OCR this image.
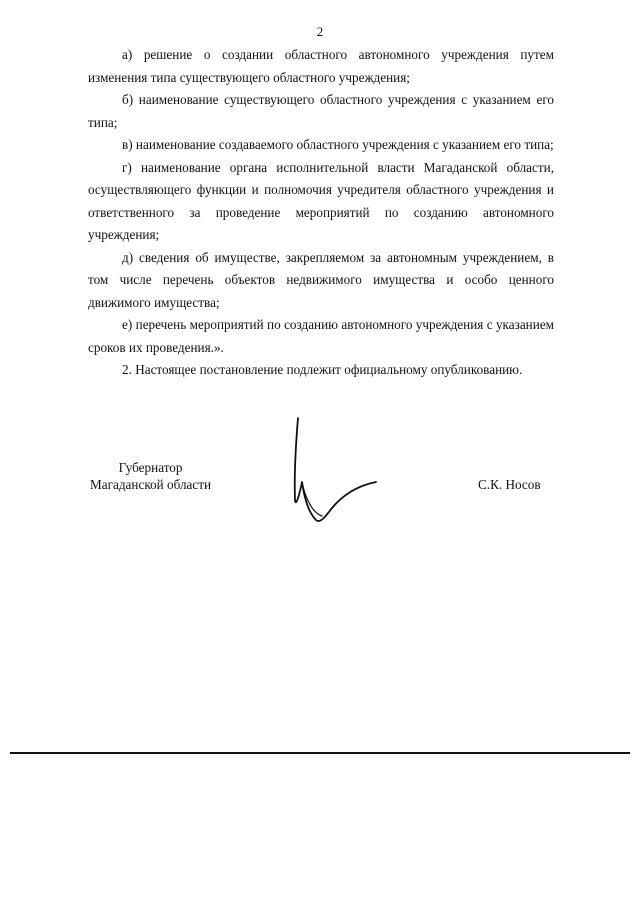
2

а) решение о создании областного автономного учреждения путем изменения типа существующего областного учреждения;

б) наименование существующего областного учреждения с указанием его типа;

в) наименование создаваемого областного учреждения с указанием его типа;

г) наименование органа исполнительной власти Магаданской области, осуществляющего функции и полномочия учредителя областного учреждения и ответственного за проведение мероприятий по созданию автономного учреждения;

д) сведения об имуществе, закрепляемом за автономным учреждением, в том числе перечень объектов недвижимого имущества и особо ценного движимого имущества;

е) перечень мероприятий по созданию автономного учреждения с указанием сроков их проведения.».

2. Настоящее постановление подлежит официальному опубликованию.

Губернатор
Магаданской области	С.К. Носов
